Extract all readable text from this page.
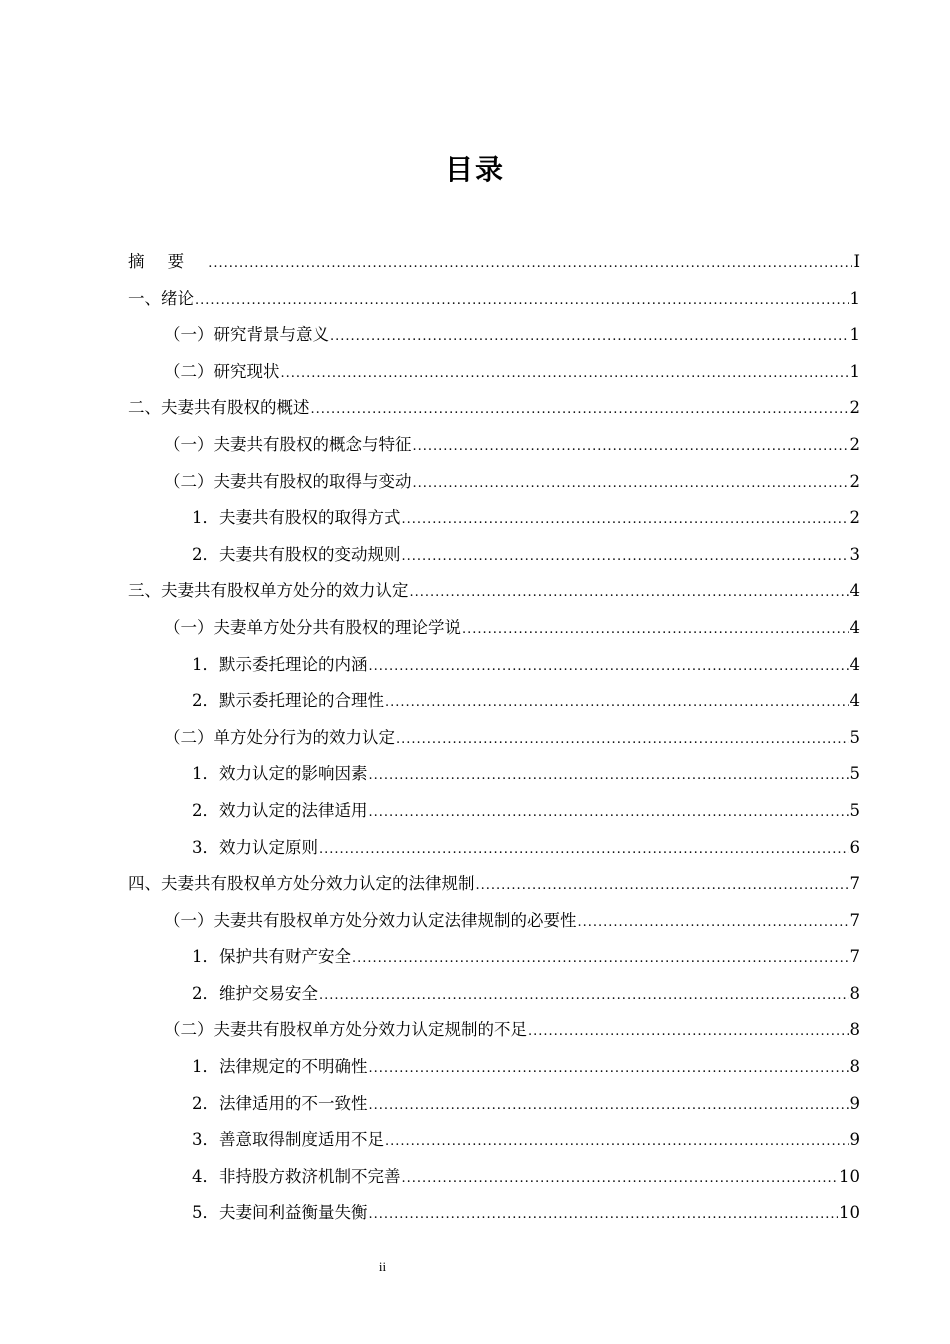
目录
摘要 .....	I
一、绪论 .....	1
（一）研究背景与意义 .....	1
（二）研究现状 .....	1
二、夫妻共有股权的概述 .....	2
（一）夫妻共有股权的概念与特征 .....	2
（二）夫妻共有股权的取得与变动 .....	2
1．夫妻共有股权的取得方式 .....	2
2．夫妻共有股权的变动规则 .....	3
三、夫妻共有股权单方处分的效力认定 .....	4
（一）夫妻单方处分共有股权的理论学说 .....	4
1．默示委托理论的内涵 .....	4
2．默示委托理论的合理性 .....	4
（二）单方处分行为的效力认定 .....	5
1．效力认定的影响因素 .....	5
2．效力认定的法律适用 .....	5
3．效力认定原则 .....	6
四、夫妻共有股权单方处分效力认定的法律规制 .....	7
（一）夫妻共有股权单方处分效力认定法律规制的必要性 .....	7
1．保护共有财产安全 .....	7
2．维护交易安全 .....	8
（二）夫妻共有股权单方处分效力认定规制的不足 .....	8
1．法律规定的不明确性 .....	8
2．法律适用的不一致性 .....	9
3．善意取得制度适用不足 .....	9
4．非持股方救济机制不完善 .....	10
5．夫妻间利益衡量失衡 .....	10
ii
